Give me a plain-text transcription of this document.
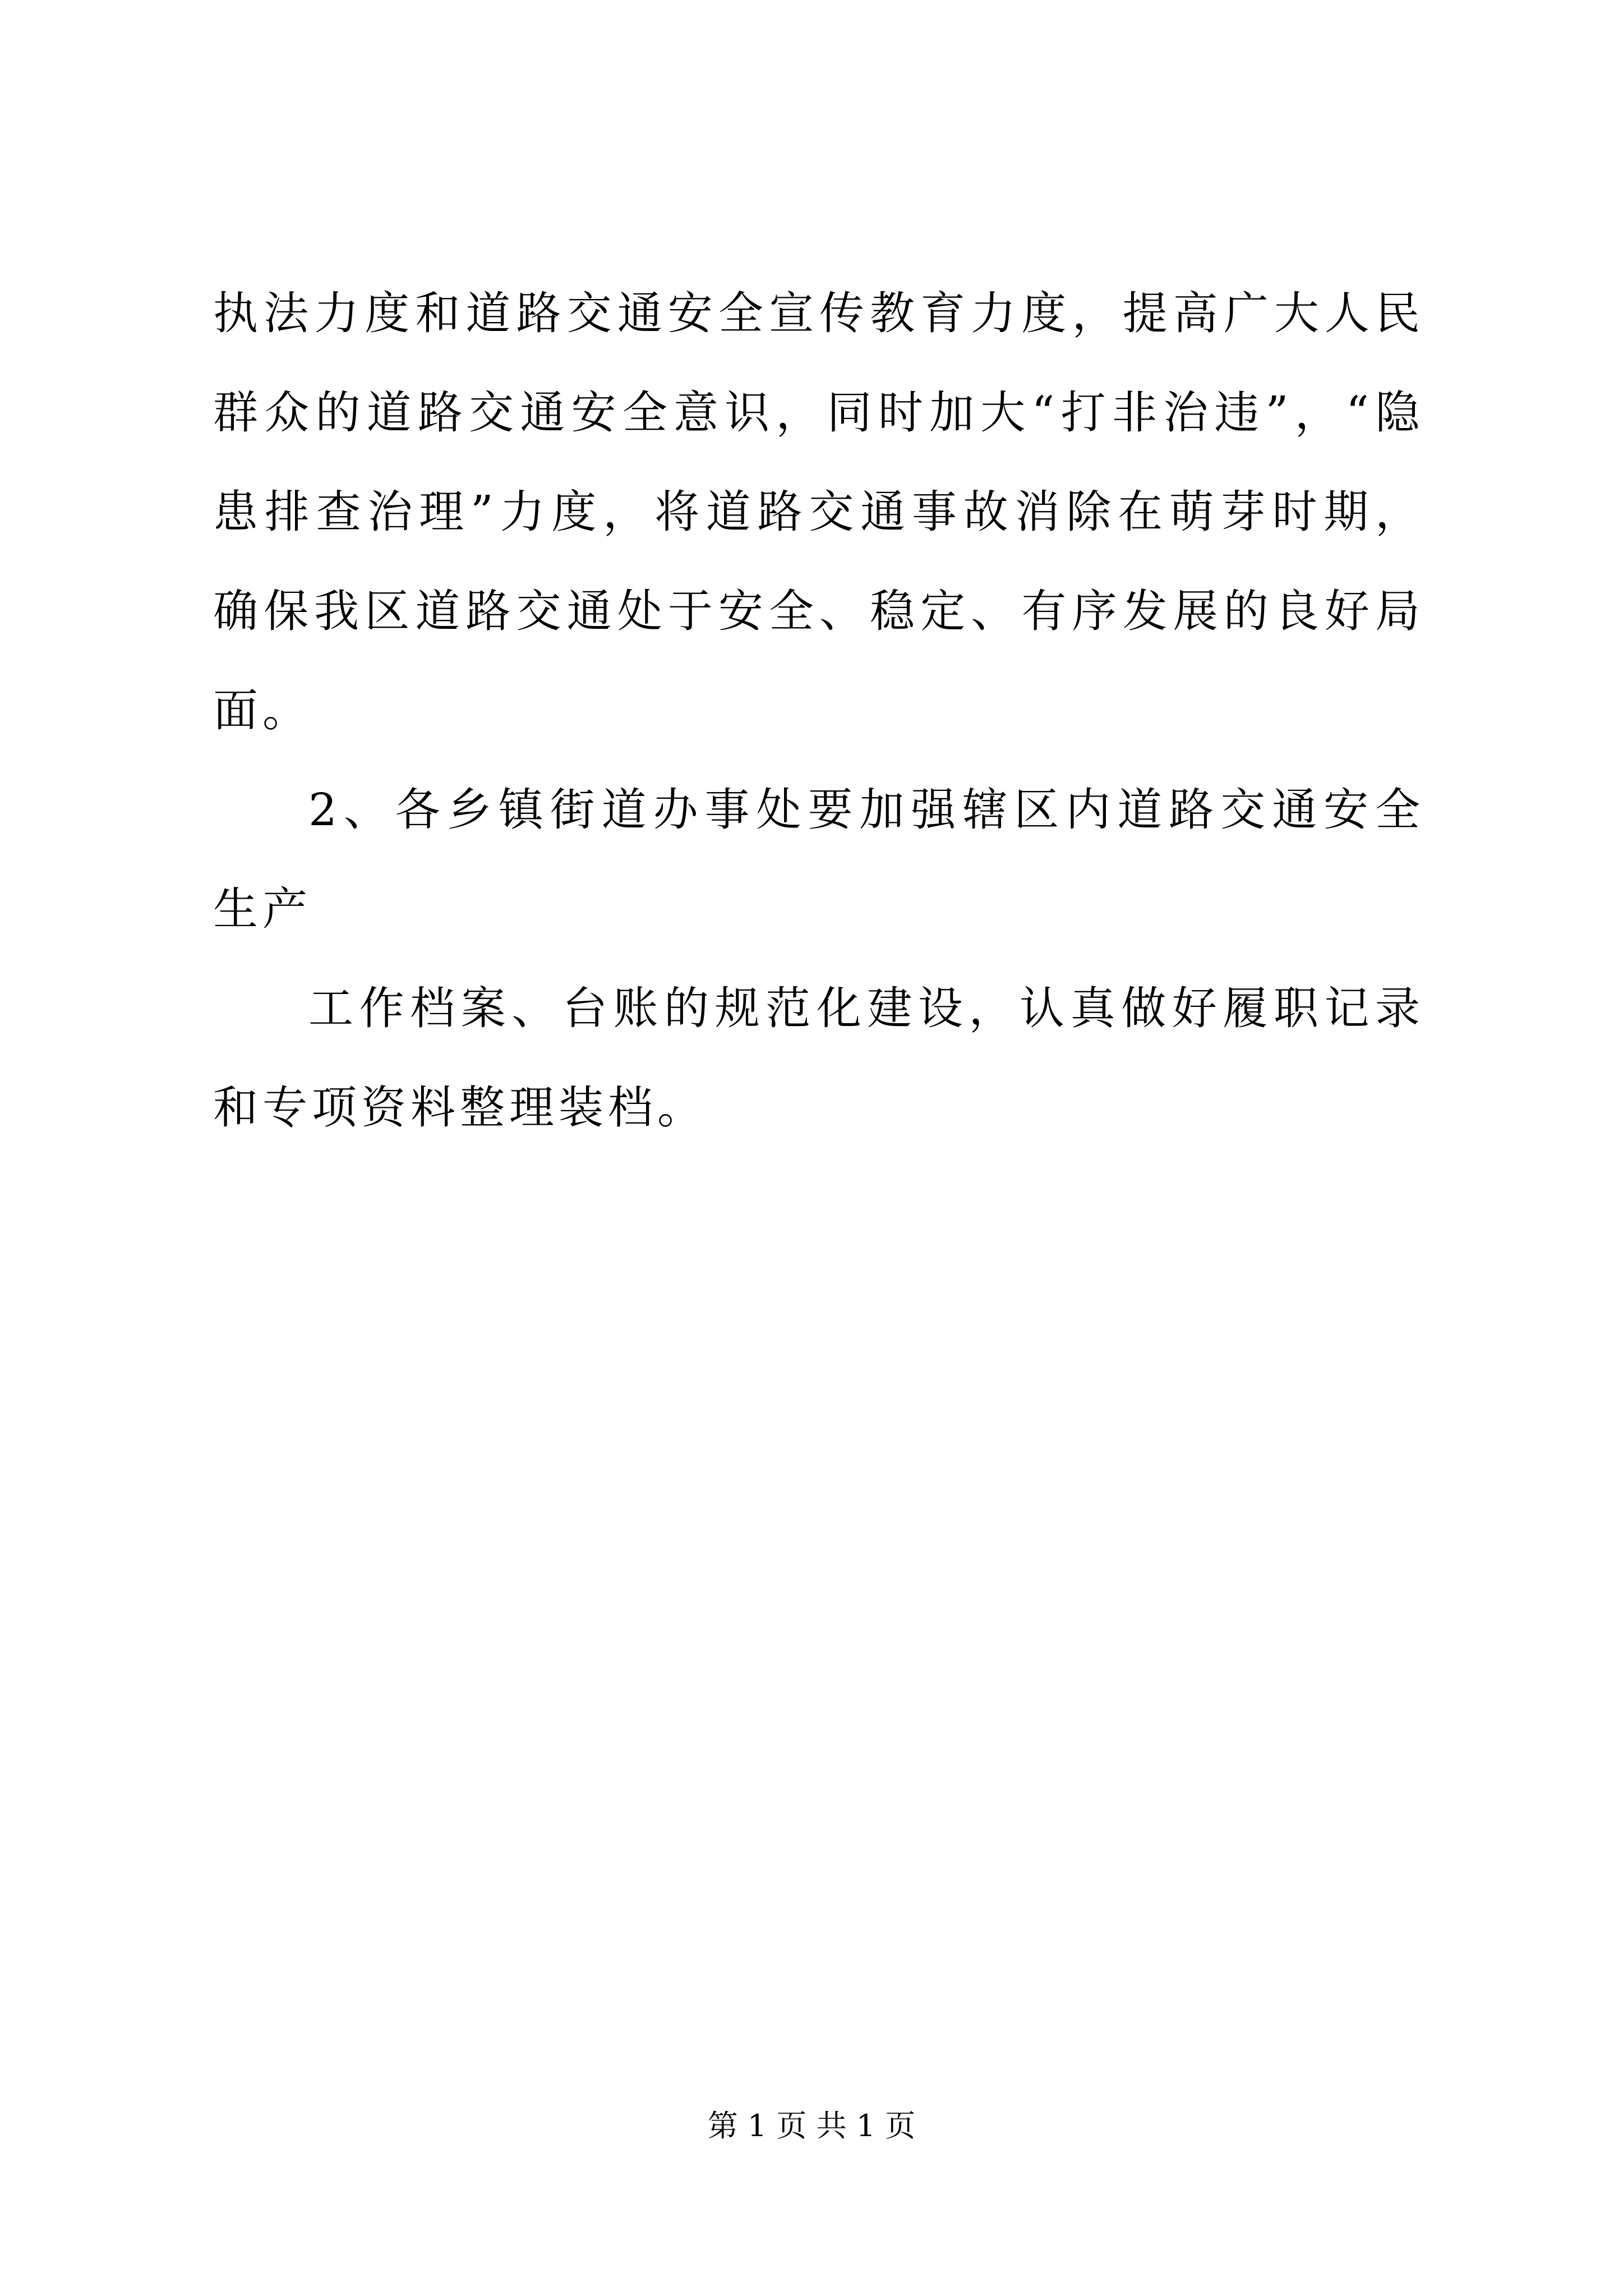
执法力度和道路交通安全宣传教育力度，提高广大人民群众的道路交通安全意识，同时加大“打非治违”，“隐患排查治理”力度，将道路交通事故消除在萌芽时期，确保我区道路交通处于安全、稳定、有序发展的良好局面。

2、各乡镇街道办事处要加强辖区内道路交通安全生产

工作档案、台账的规范化建设，认真做好履职记录和专项资料整理装档。

第 1 页 共 1 页
